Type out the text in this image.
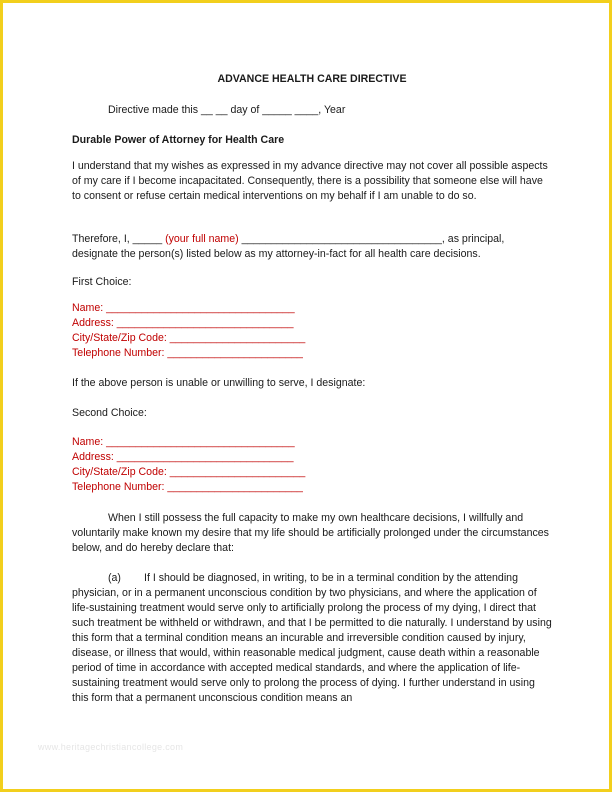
ADVANCE HEALTH CARE DIRECTIVE
Directive made this __ __ day of _____ ____, Year
Durable Power of Attorney for Health Care
I understand that my wishes as expressed in my advance directive may not cover all possible aspects of my care if I become incapacitated. Consequently, there is a possibility that someone else will have to consent or refuse certain medical interventions on my behalf if I am unable to do so.
Therefore, I, _____ (your full name) __________________________________, as principal,
designate the person(s) listed below as my attorney-in-fact for all health care decisions.
First Choice:
Name: ________________________________
Address: ______________________________
City/State/Zip Code: _______________________
Telephone Number: _______________________
If the above person is unable or unwilling to serve, I designate:
Second Choice:
Name: ________________________________
Address: ______________________________
City/State/Zip Code: _______________________
Telephone Number: _______________________
When I still possess the full capacity to make my own healthcare decisions, I willfully and voluntarily make known my desire that my life should be artificially prolonged under the circumstances below, and do hereby declare that:
(a) If I should be diagnosed, in writing, to be in a terminal condition by the attending physician, or in a permanent unconscious condition by two physicians, and where the application of life-sustaining treatment would serve only to artificially prolong the process of my dying, I direct that such treatment be withheld or withdrawn, and that I be permitted to die naturally. I understand by using this form that a terminal condition means an incurable and irreversible condition caused by injury, disease, or illness that would, within reasonable medical judgment, cause death within a reasonable period of time in accordance with accepted medical standards, and where the application of life-sustaining treatment would serve only to prolong the process of dying. I further understand in using this form that a permanent unconscious condition means an
www.heritagechristiancollege.com
